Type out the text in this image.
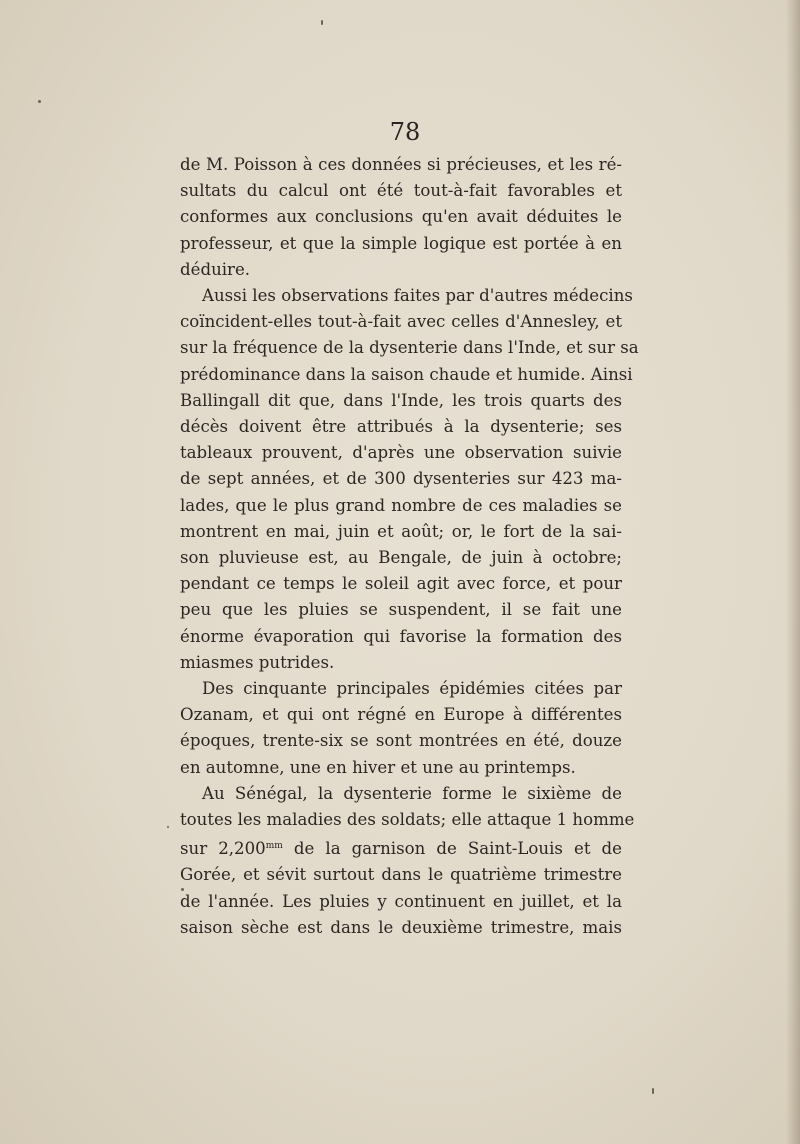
78
de M. Poisson à ces données si précieuses, et les ré-
sultats du calcul ont été tout-à-fait favorables et
conformes aux conclusions qu'en avait déduites le
professeur, et que la simple logique est portée à en
déduire.
Aussi les observations faites par d'autres médecins
coïncident-elles tout-à-fait avec celles d'Annesley, et
sur la fréquence de la dysenterie dans l'Inde, et sur sa
prédominance dans la saison chaude et humide. Ainsi
Ballingall dit que, dans l'Inde, les trois quarts des
décès doivent être attribués à la dysenterie; ses
tableaux prouvent, d'après une observation suivie
de sept années, et de 300 dysenteries sur 423 ma-
lades, que le plus grand nombre de ces maladies se
montrent en mai, juin et août; or, le fort de la sai-
son pluvieuse est, au Bengale, de juin à octobre;
pendant ce temps le soleil agit avec force, et pour
peu que les pluies se suspendent, il se fait une
énorme évaporation qui favorise la formation des
miasmes putrides.
Des cinquante principales épidémies citées par
Ozanam, et qui ont régné en Europe à différentes
époques, trente-six se sont montrées en été, douze
en automne, une en hiver et une au printemps.
Au Sénégal, la dysenterie forme le sixième de
toutes les maladies des soldats; elle attaque 1 homme
sur $2,200^{mm}$ de la garnison de Saint-Louis et de
Gorée, et sévit surtout dans le quatrième trimestre
de l'année. Les pluies y continuent en juillet, et la
saison sèche est dans le deuxième trimestre, mais
